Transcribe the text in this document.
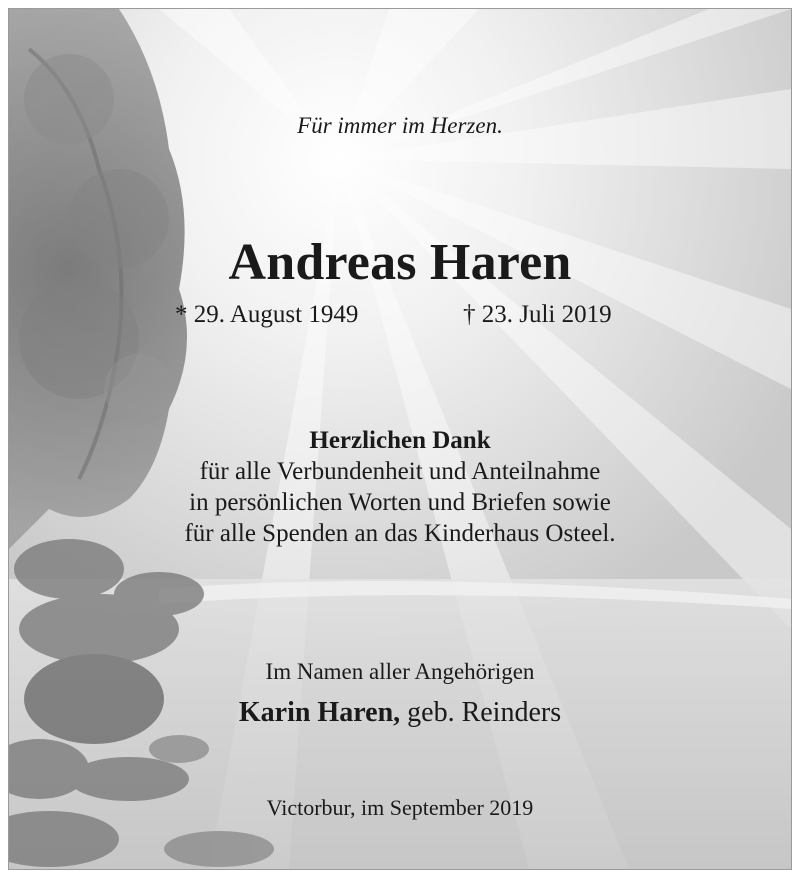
Für immer im Herzen.
Andreas Haren
* 29. August 1949	† 23. Juli 2019
Herzlichen Dank
für alle Verbundenheit und Anteilnahme
in persönlichen Worten und Briefen sowie
für alle Spenden an das Kinderhaus Osteel.
Im Namen aller Angehörigen
Karin Haren, geb. Reinders
Victorbur, im September 2019
